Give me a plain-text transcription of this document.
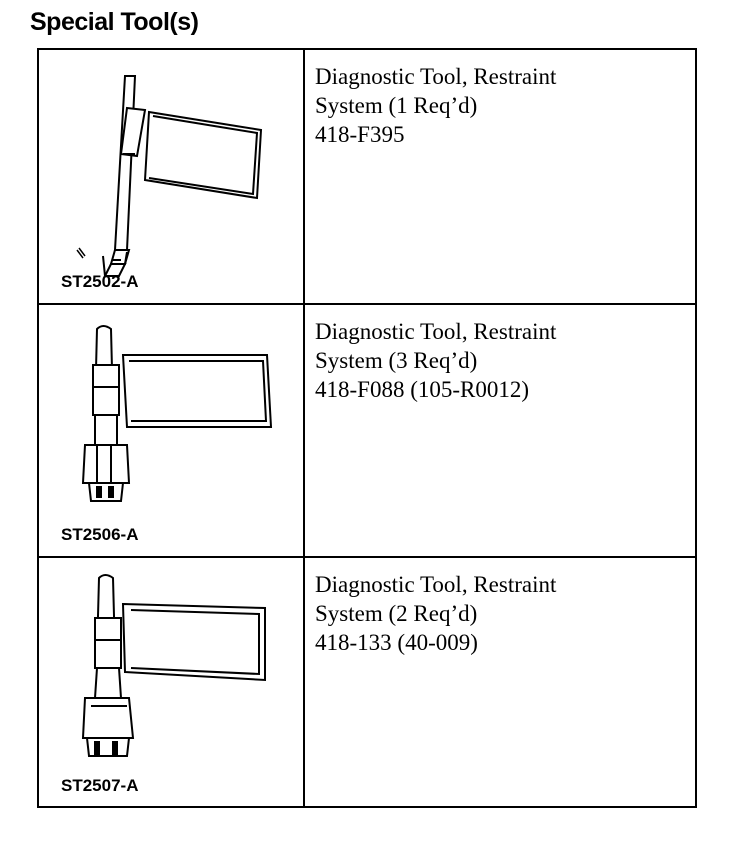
Special Tool(s)
ST2502-A
Diagnostic Tool, Restraint
System (1 Req’d)
418-F395
ST2506-A
Diagnostic Tool, Restraint
System (3 Req’d)
418-F088 (105-R0012)
ST2507-A
Diagnostic Tool, Restraint
System (2 Req’d)
418-133 (40-009)
